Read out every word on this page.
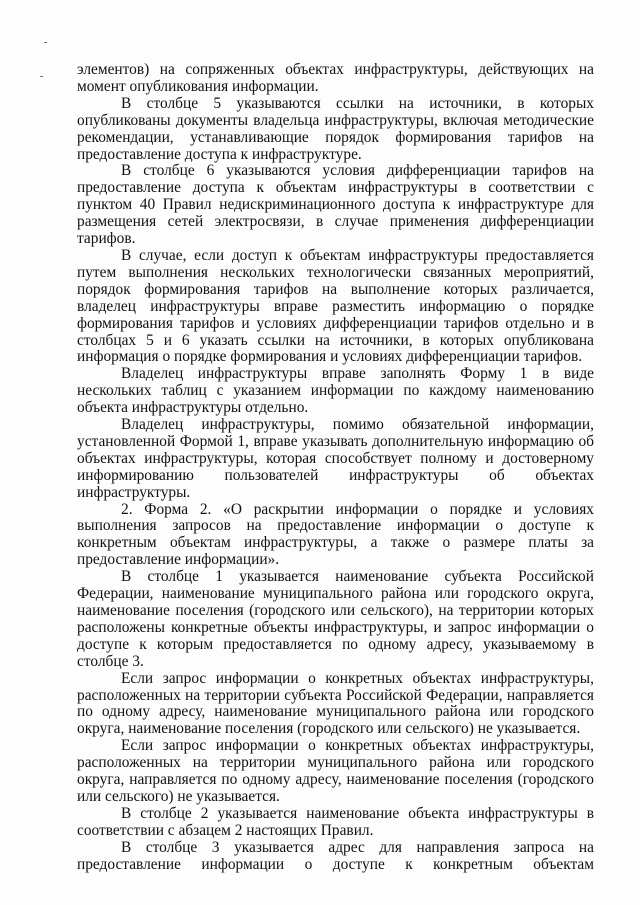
-
- элементов) на сопряженных объектах инфраструктуры, действующих на момент опубликования информации.

В столбце 5 указываются ссылки на источники, в которых опубликованы документы владельца инфраструктуры, включая методические рекомендации, устанавливающие порядок формирования тарифов на предоставление доступа к инфраструктуре.

В столбце 6 указываются условия дифференциации тарифов на предоставление доступа к объектам инфраструктуры в соответствии с пунктом 40 Правил недискриминационного доступа к инфраструктуре для размещения сетей электросвязи, в случае применения дифференциации тарифов.

В случае, если доступ к объектам инфраструктуры предоставляется путем выполнения нескольких технологически связанных мероприятий, порядок формирования тарифов на выполнение которых различается, владелец инфраструктуры вправе разместить информацию о порядке формирования тарифов и условиях дифференциации тарифов отдельно и в столбцах 5 и 6 указать ссылки на источники, в которых опубликована информация о порядке формирования и условиях дифференциации тарифов.

Владелец инфраструктуры вправе заполнять Форму 1 в виде нескольких таблиц с указанием информации по каждому наименованию объекта инфраструктуры отдельно.

Владелец инфраструктуры, помимо обязательной информации, установленной Формой 1, вправе указывать дополнительную информацию об объектах инфраструктуры, которая способствует полному и достоверному информированию пользователей инфраструктуры об объектах инфраструктуры.

2. Форма 2. «О раскрытии информации о порядке и условиях выполнения запросов на предоставление информации о доступе к конкретным объектам инфраструктуры, а также о размере платы за предоставление информации».

В столбце 1 указывается наименование субъекта Российской Федерации, наименование муниципального района или городского округа, наименование поселения (городского или сельского), на территории которых расположены конкретные объекты инфраструктуры, и запрос информации о доступе к которым предоставляется по одному адресу, указываемому в столбце 3.

Если запрос информации о конкретных объектах инфраструктуры, расположенных на территории субъекта Российской Федерации, направляется по одному адресу, наименование муниципального района или городского округа, наименование поселения (городского или сельского) не указывается.

Если запрос информации о конкретных объектах инфраструктуры, расположенных на территории муниципального района или городского округа, направляется по одному адресу, наименование поселения (городского или сельского) не указывается.

В столбце 2 указывается наименование объекта инфраструктуры в соответствии с абзацем 2 настоящих Правил.

В столбце 3 указывается адрес для направления запроса на предоставление информации о доступе к конкретным объектам
